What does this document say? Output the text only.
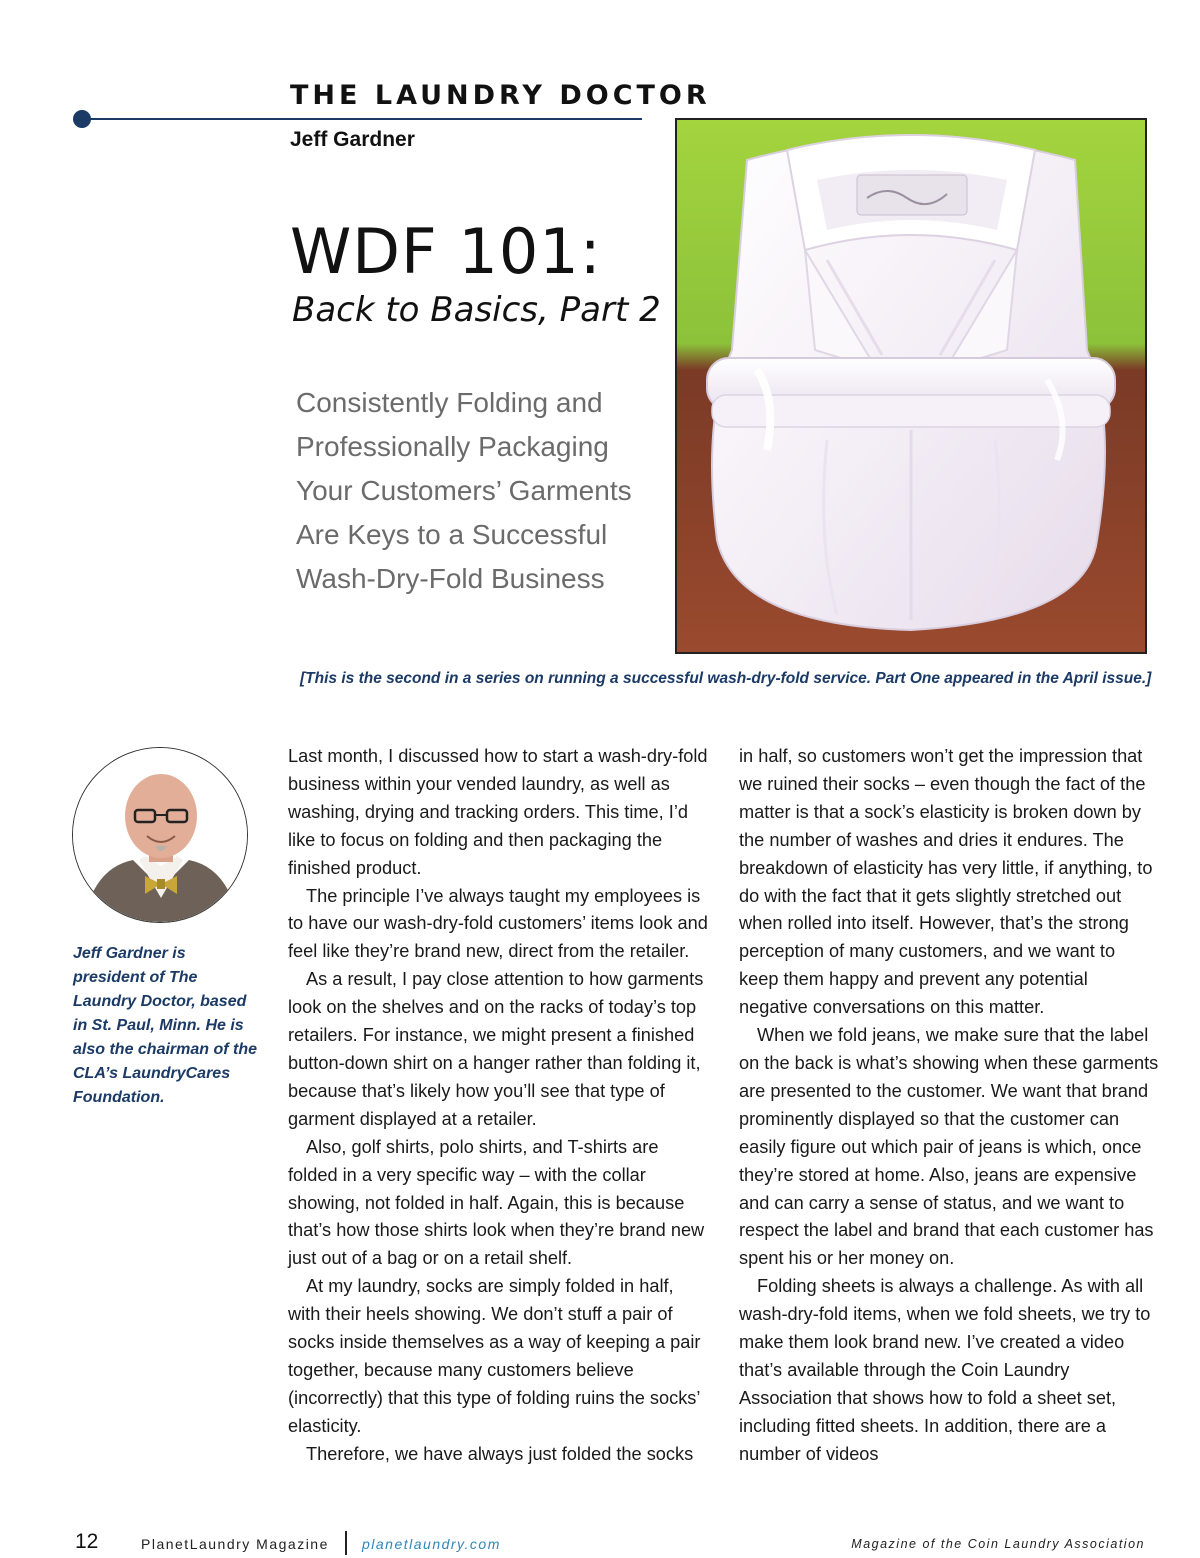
THE LAUNDRY DOCTOR
Jeff Gardner
WDF 101:
Back to Basics, Part 2
Consistently Folding and
Professionally Packaging
Your Customers’ Garments
Are Keys to a Successful
Wash-Dry-Fold Business
[This is the second in a series on running a successful wash-dry-fold service. Part One appeared in the April issue.]
Jeff Gardner is president of The Laundry Doctor, based in St. Paul, Minn. He is also the chairman of the CLA’s LaundryCares Foundation.

Last month, I discussed how to start a wash-dry-fold business within your vended laundry, as well as washing, drying and tracking orders. This time, I’d like to focus on folding and then packaging the finished product.

The principle I’ve always taught my employees is to have our wash-dry-fold customers’ items look and feel like they’re brand new, direct from the retailer.

As a result, I pay close attention to how garments look on the shelves and on the racks of today’s top retailers. For instance, we might present a finished button-down shirt on a hanger rather than folding it, because that’s likely how you’ll see that type of garment displayed at a retailer.

Also, golf shirts, polo shirts, and T-shirts are folded in a very specific way – with the collar showing, not folded in half. Again, this is because that’s how those shirts look when they’re brand new just out of a bag or on a retail shelf.

At my laundry, socks are simply folded in half, with their heels showing. We don’t stuff a pair of socks inside themselves as a way of keeping a pair together, because many customers believe (incorrectly) that this type of folding ruins the socks’ elasticity.

Therefore, we have always just folded the socks

in half, so customers won’t get the impression that we ruined their socks – even though the fact of the matter is that a sock’s elasticity is broken down by the number of washes and dries it endures. The breakdown of elasticity has very little, if anything, to do with the fact that it gets slightly stretched out when rolled into itself. However, that’s the strong perception of many customers, and we want to keep them happy and prevent any potential negative conversations on this matter.

When we fold jeans, we make sure that the label on the back is what’s showing when these garments are presented to the customer. We want that brand prominently displayed so that the customer can easily figure out which pair of jeans is which, once they’re stored at home. Also, jeans are expensive and can carry a sense of status, and we want to respect the label and brand that each customer has spent his or her money on.

Folding sheets is always a challenge. As with all wash-dry-fold items, when we fold sheets, we try to make them look brand new. I’ve created a video that’s available through the Coin Laundry Association that shows how to fold a sheet set, including fitted sheets. In addition, there are a number of videos

12	PlanetLaundry Magazine planetlaundry.com	Magazine of the Coin Laundry Association
